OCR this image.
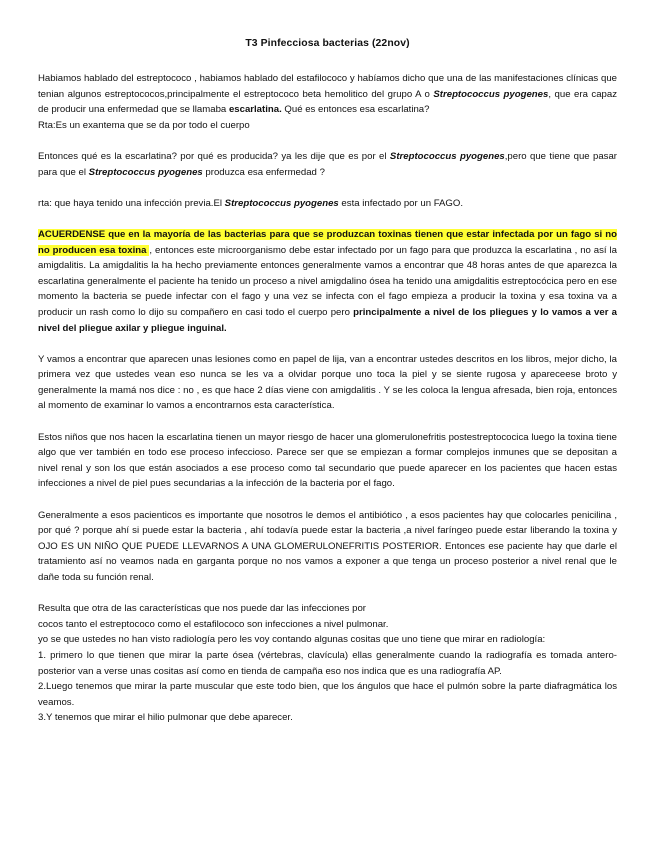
T3 Pinfecciosa bacterias (22nov)

Habiamos hablado del estreptococo , habiamos hablado del estafilococo y habíamos dicho que una de las manifestaciones clínicas que tenian algunos estreptococos,principalmente el estreptococo beta hemolitico del grupo A o Streptococcus pyogenes, que era capaz de producir una enfermedad que se llamaba escarlatina. Qué es entonces esa escarlatina?
Rta:Es un exantema que se da por todo el cuerpo

Entonces qué es la escarlatina? por qué es producida? ya les dije que es por el Streptococcus pyogenes,pero que tiene que pasar para que el Streptococcus pyogenes produzca esa enfermedad ?

rta: que haya tenido una infección previa.El Streptococcus pyogenes esta infectado por un FAGO.

ACUERDENSE que en la mayoría de las bacterias para que se produzcan toxinas tienen que estar infectada por un fago si no no producen esa toxina , entonces este microorganismo debe estar infectado por un fago para que produzca la escarlatina , no así la amigdalitis. La amigdalitis la ha hecho previamente entonces generalmente vamos a encontrar que 48 horas antes de que aparezca la escarlatina generalmente el paciente ha tenido un proceso a nivel amigdalino ósea ha tenido una amigdalitis estreptocócica pero en ese momento la bacteria se puede infectar con el fago y una vez se infecta con el fago empieza a producir la toxina y esa toxina va a producir un rash como lo dijo su compañero en casi todo el cuerpo pero principalmente a nivel de los pliegues y lo vamos a ver a nivel del pliegue axilar y pliegue inguinal.

Y vamos a encontrar que aparecen unas lesiones como en papel de lija, van a encontrar ustedes descritos en los libros, mejor dicho, la primera vez que ustedes vean eso nunca se les va a olvidar porque uno toca la piel y se siente rugosa y apareceese broto y generalmente la mamá nos dice : no , es que hace 2 días viene con amigdalitis . Y se les coloca la lengua afresada, bien roja, entonces al momento de examinar lo vamos a encontrarnos esta característica.

Estos niños que nos hacen la escarlatina tienen un mayor riesgo de hacer una glomerulonefritis postestreptococica luego la toxina tiene algo que ver también en todo ese proceso infeccioso. Parece ser que se empiezan a formar complejos inmunes que se depositan a nivel renal y son los que están asociados a ese proceso como tal secundario que puede aparecer en los pacientes que hacen estas infecciones a nivel de piel pues secundarias a la infección de la bacteria por el fago.

Generalmente a esos pacienticos es importante que nosotros le demos el antibiótico , a esos pacientes hay que colocarles penicilina , por qué ? porque ahí si puede estar la bacteria , ahí todavía puede estar la bacteria ,a nivel faríngeo puede estar liberando la toxina y OJO ES UN NIÑO QUE PUEDE LLEVARNOS A UNA GLOMERULONEFRITIS POSTERIOR. Entonces ese paciente hay que darle el tratamiento así no veamos nada en garganta porque no nos vamos a exponer a que tenga un proceso posterior a nivel renal que le dañe toda su función renal.

Resulta que otra de las características que nos puede dar las infecciones por
cocos tanto el estreptococo como el estafilococo son infecciones a nivel pulmonar.
yo se que ustedes no han visto radiología pero les voy contando algunas cositas que uno tiene que mirar en radiología:

1. primero lo que tienen que mirar la parte ósea (vértebras, clavícula) ellas generalmente cuando la radiografía es tomada antero-posterior van a verse unas cositas así como en tienda de campaña eso nos indica que es una radiografía AP.

2.Luego tenemos que mirar la parte muscular que este todo bien, que los ángulos que hace el pulmón sobre la parte diafragmática los veamos.

3.Y tenemos que mirar el hilio pulmonar que debe aparecer.
